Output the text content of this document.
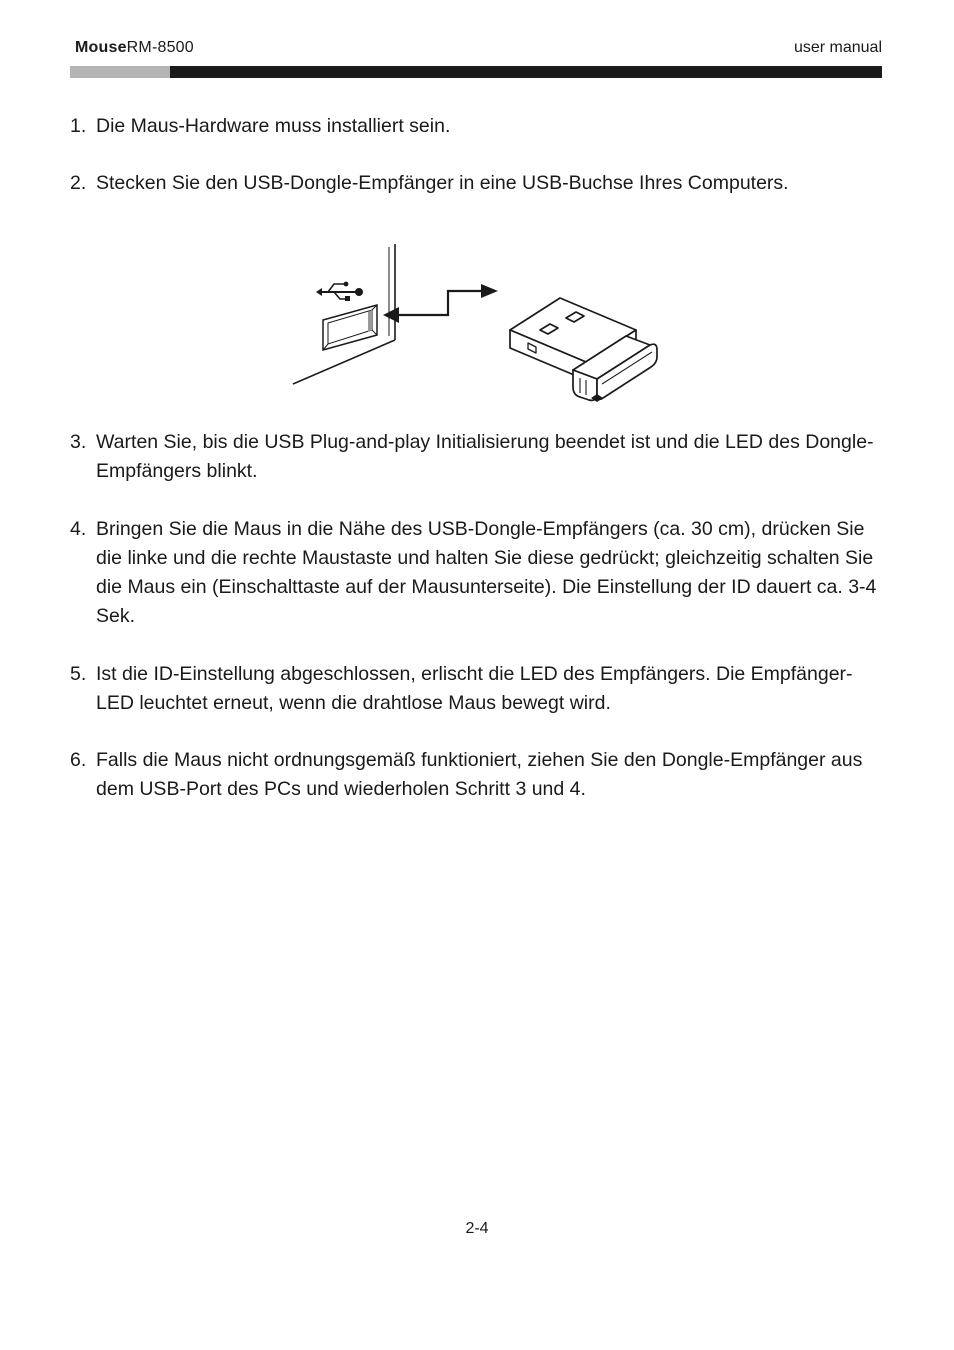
MouseRM-8500	user manual
1. Die Maus-Hardware muss installiert sein.
2. Stecken Sie den USB-Dongle-Empfänger in eine USB-Buchse Ihres Computers.
3. Warten Sie, bis die USB Plug-and-play Initialisierung beendet ist und die LED des Dongle-Empfängers blinkt.
4. Bringen Sie die Maus in die Nähe des USB-Dongle-Empfängers (ca. 30 cm), drücken Sie die linke und die rechte Maustaste und halten Sie diese gedrückt; gleichzeitig schalten Sie die Maus ein (Einschalttaste auf der Mausunterseite). Die Einstellung der ID dauert ca. 3-4 Sek.
5. Ist die ID-Einstellung abgeschlossen, erlischt die LED des Empfängers. Die Empfänger-LED leuchtet erneut, wenn die drahtlose Maus bewegt wird.
6. Falls die Maus nicht ordnungsgemäß funktioniert, ziehen Sie den Dongle-Empfänger aus dem USB-Port des PCs und wiederholen Schritt 3 und 4.
2-4
